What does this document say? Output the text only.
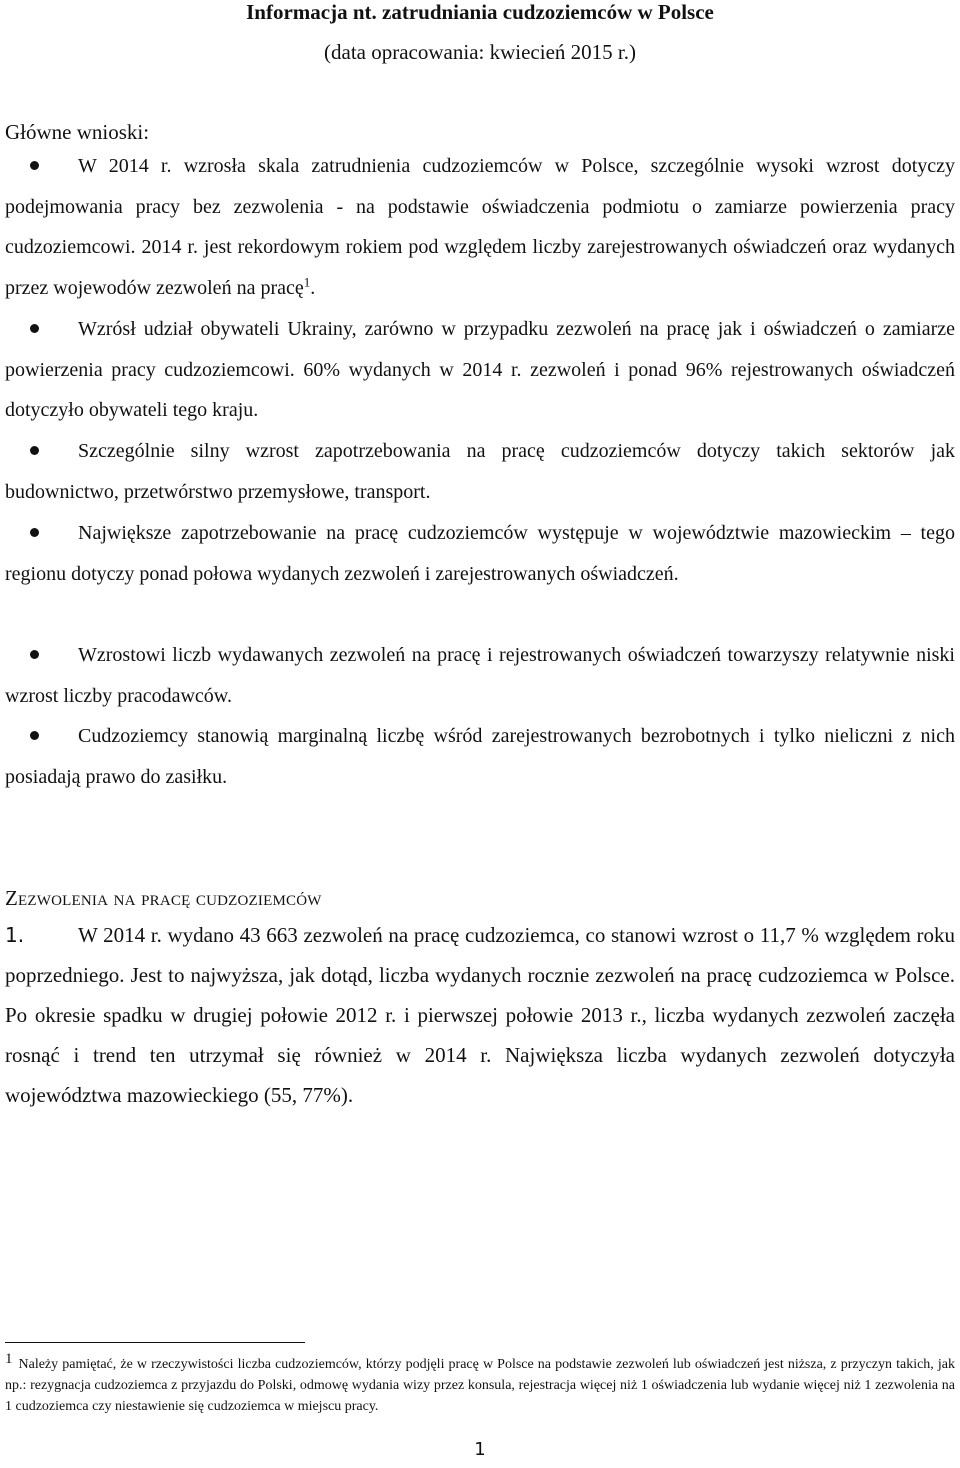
Informacja nt. zatrudniania cudzoziemców w Polsce
(data opracowania: kwiecień 2015 r.)
Główne wnioski:
W 2014 r. wzrosła skala zatrudnienia cudzoziemców w Polsce, szczególnie wysoki wzrost dotyczy podejmowania pracy bez zezwolenia - na podstawie oświadczenia podmiotu o zamiarze powierzenia pracy cudzoziemcowi. 2014 r. jest rekordowym rokiem pod względem liczby zarejestrowanych oświadczeń oraz wydanych przez wojewodów zezwoleń na pracę$^1$.
Wzrósł udział obywateli Ukrainy, zarówno w przypadku zezwoleń na pracę jak i oświadczeń o zamiarze powierzenia pracy cudzoziemcowi. 60% wydanych w 2014 r. zezwoleń i ponad 96% rejestrowanych oświadczeń dotyczyło obywateli tego kraju.
Szczególnie silny wzrost zapotrzebowania na pracę cudzoziemców dotyczy takich sektorów jak budownictwo, przetwórstwo przemysłowe, transport.
Największe zapotrzebowanie na pracę cudzoziemców występuje w województwie mazowieckim – tego regionu dotyczy ponad połowa wydanych zezwoleń i zarejestrowanych oświadczeń.
Wzrostowi liczb wydawanych zezwoleń na pracę i rejestrowanych oświadczeń towarzyszy relatywnie niski wzrost liczby pracodawców.
Cudzoziemcy stanowią marginalną liczbę wśród zarejestrowanych bezrobotnych i tylko nieliczni z nich posiadają prawo do zasiłku.
Zezwolenia na pracę cudzoziemców
1.	W 2014 r. wydano 43 663 zezwoleń na pracę cudzoziemca, co stanowi wzrost o 11,7 % względem roku poprzedniego. Jest to najwyższa, jak dotąd, liczba wydanych rocznie zezwoleń na pracę cudzoziemca w Polsce. Po okresie spadku w drugiej połowie 2012 r. i pierwszej połowie 2013 r., liczba wydanych zezwoleń zaczęła rosnąć i trend ten utrzymał się również w 2014 r. Największa liczba wydanych zezwoleń dotyczyła województwa mazowieckiego (55, 77%).
1 Należy pamiętać, że w rzeczywistości liczba cudzoziemców, którzy podjęli pracę w Polsce na podstawie zezwoleń lub oświadczeń jest niższa, z przyczyn takich, jak np.: rezygnacja cudzoziemca z przyjazdu do Polski, odmowę wydania wizy przez konsula, rejestracja więcej niż 1 oświadczenia lub wydanie więcej niż 1 zezwolenia na 1 cudzoziemca czy niestawienie się cudzoziemca w miejscu pracy.
1
